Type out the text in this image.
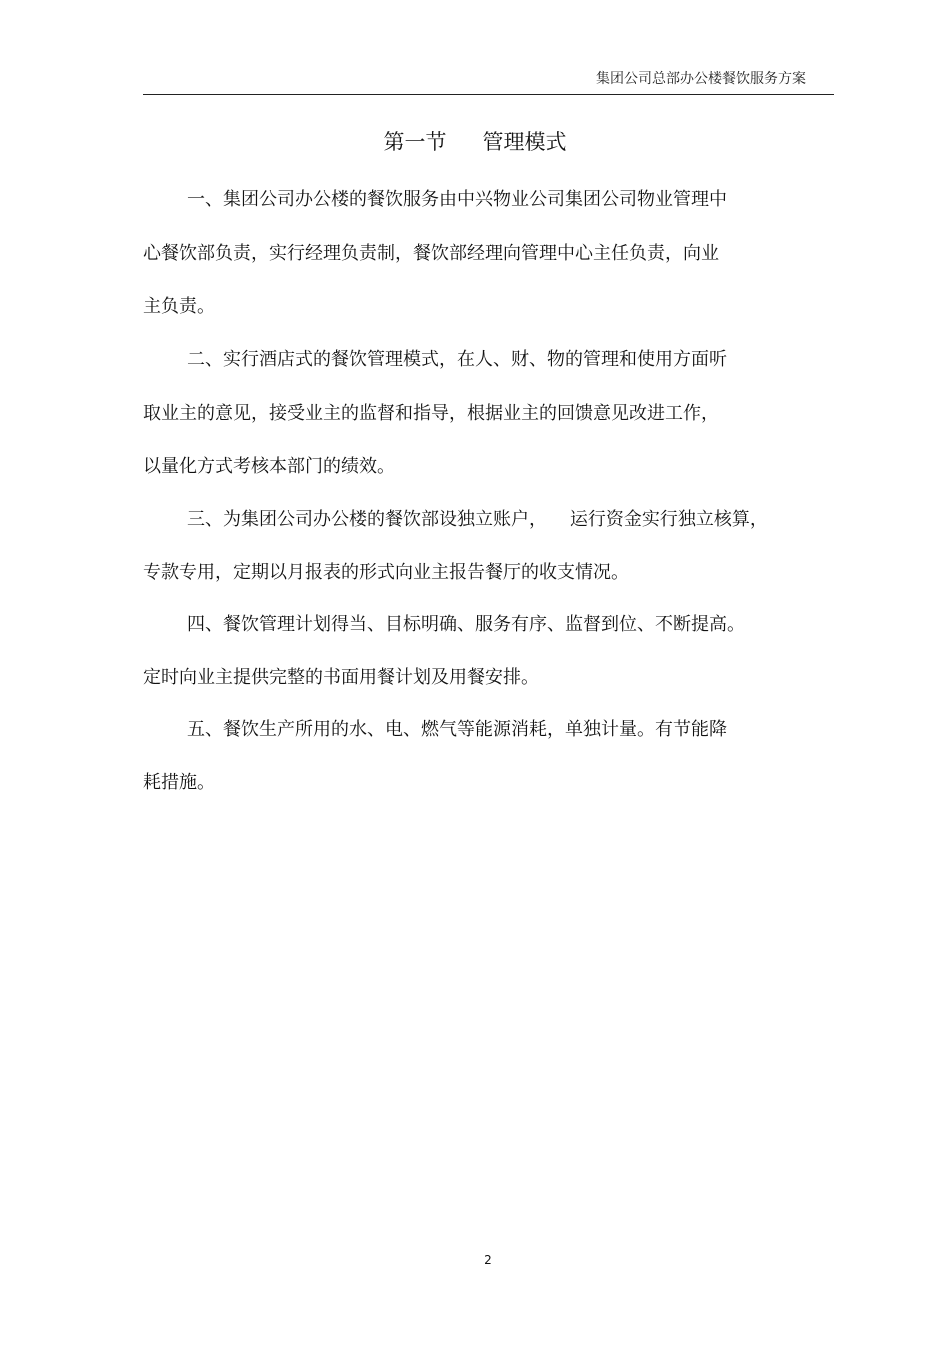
集团公司总部办公楼餐饮服务方案
第一节 管理模式
一、集团公司办公楼的餐饮服务由中兴物业公司集团公司物业管理中
心餐饮部负责，实行经理负责制，餐饮部经理向管理中心主任负责，向业
主负责。
二、实行酒店式的餐饮管理模式，在人、财、物的管理和使用方面听
取业主的意见，接受业主的监督和指导，根据业主的回馈意见改进工作，
以量化方式考核本部门的绩效。
三、为集团公司办公楼的餐饮部设独立账户，    运行资金实行独立核算，
专款专用，定期以月报表的形式向业主报告餐厅的收支情况。
四、餐饮管理计划得当、目标明确、服务有序、监督到位、不断提高。
定时向业主提供完整的书面用餐计划及用餐安排。
五、餐饮生产所用的水、电、燃气等能源消耗，单独计量。有节能降
耗措施。
2
